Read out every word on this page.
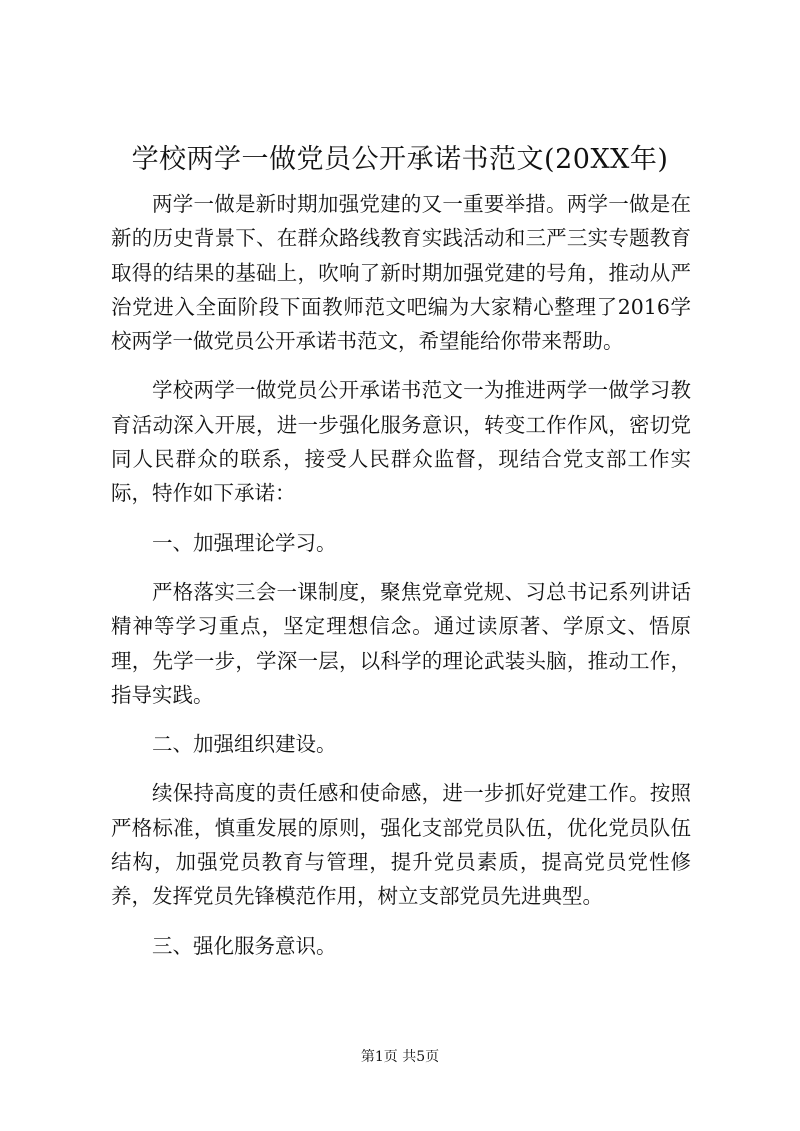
学校两学一做党员公开承诺书范文(20XX年)

两学一做是新时期加强党建的又一重要举措。两学一做是在新的历史背景下、在群众路线教育实践活动和三严三实专题教育取得的结果的基础上，吹响了新时期加强党建的号角，推动从严治党进入全面阶段下面教师范文吧编为大家精心整理了2016学校两学一做党员公开承诺书范文，希望能给你带来帮助。

学校两学一做党员公开承诺书范文一为推进两学一做学习教育活动深入开展，进一步强化服务意识，转变工作作风，密切党同人民群众的联系，接受人民群众监督，现结合党支部工作实际，特作如下承诺：

一、加强理论学习。

严格落实三会一课制度，聚焦党章党规、习总书记系列讲话精神等学习重点，坚定理想信念。通过读原著、学原文、悟原理，先学一步，学深一层，以科学的理论武装头脑，推动工作，指导实践。

二、加强组织建设。

续保持高度的责任感和使命感，进一步抓好党建工作。按照严格标准，慎重发展的原则，强化支部党员队伍，优化党员队伍结构，加强党员教育与管理，提升党员素质，提高党员党性修养，发挥党员先锋模范作用，树立支部党员先进典型。

三、强化服务意识。

第1页 共5页
